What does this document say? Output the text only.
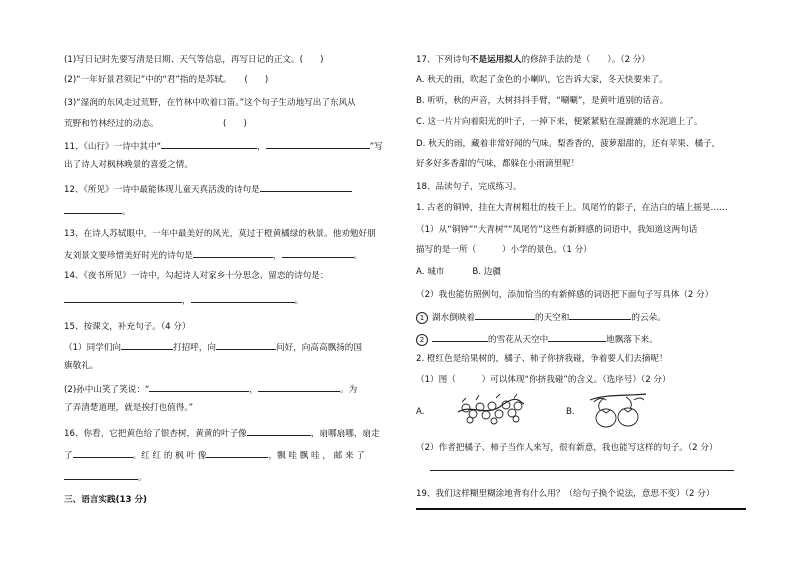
(1)写日记时先要写清是日期、天气等信息，再写日记的正文。(　　)
(2)“一年好景君须记”中的“君”指的是苏轼。　　(　　)
(3)“湿润的东风走过荒野，在竹林中吹着口笛。”这个句子生动地写出了东风从
荒野和竹林经过的动态。　　　　　　　　(　　)
11、《山行》一诗中其中“	，	”写
出了诗人对枫林晚景的喜爱之情。
12、《所见》一诗中最能体现儿童天真活泼的诗句是
。
13、在诗人苏轼眼中，一年中最美好的风光，莫过于橙黄橘绿的秋景。他劝勉好朋
友刘景文要珍惜美好时光的诗句是	，	。
14、《夜书所见》一诗中，勾起诗人对家乡十分思念、留恋的诗句是：
，	。
15、按课文，补充句子。（4 分）
（1）同学们向	打招呼，向	问好，向高高飘扬的国
旗敬礼。
(2)孙中山笑了笑说：“	，	。为
了弄清楚道理，就是挨打也值得。”
16、你看，它把黄色给了银杏树，黄黄的叶子像	，扇哪扇哪，扇走
了	。红 红 的 枫 叶 像	，飘 哇 飘 哇 ， 邮 来 了
。
三、语言实践(13 分)
17、下列诗句不是运用拟人的修辞手法的是（　　）。（2 分）
A. 秋天的雨，吹起了金色的小喇叭，它告诉大家，冬天快要来了。
B. 听听，秋的声音，大树抖抖手臂，“唰唰”，是黄叶道别的话音。
C. 这一片片向着阳光的叶子，一掉下来，便紧紧贴在湿漉漉的水泥道上了。
D. 秋天的雨，藏着非常好闻的气味。梨香香的，菠萝甜甜的，还有苹果、橘子，
好多好多香甜的气味，都躲在小雨滴里呢！
18、品读句子，完成练习。
1. 古老的铜钟，挂在大青树粗壮的枝干上。凤尾竹的影子，在洁白的墙上摇晃……
（1）从“铜钟”“大青树”“凤尾竹”这些有新鲜感的词语中，我知道这两句话
描写的是一所（　　　）小学的景色。（1 分）
A. 城市	B. 边疆
（2）我也能仿照例句，添加恰当的有新鲜感的词语把下面句子写具体（2 分）
1 湖水倒映着	的天空和	的云朵。
2	的雪花从天空中	地飘落下来。
2. 橙红色是给果树的，橘子、柿子你挤我碰，争着要人们去摘呢！
（1）图（　　　）可以体现“你挤我碰”的含义。（选序号）（2 分）
A.	B.
（2）作者把橘子、柿子当作人来写，很有新意，我也能写这样的句子。（2 分）
19、我们这样糊里糊涂地背有什么用？（给句子换个说法，意思不变）（2 分）
